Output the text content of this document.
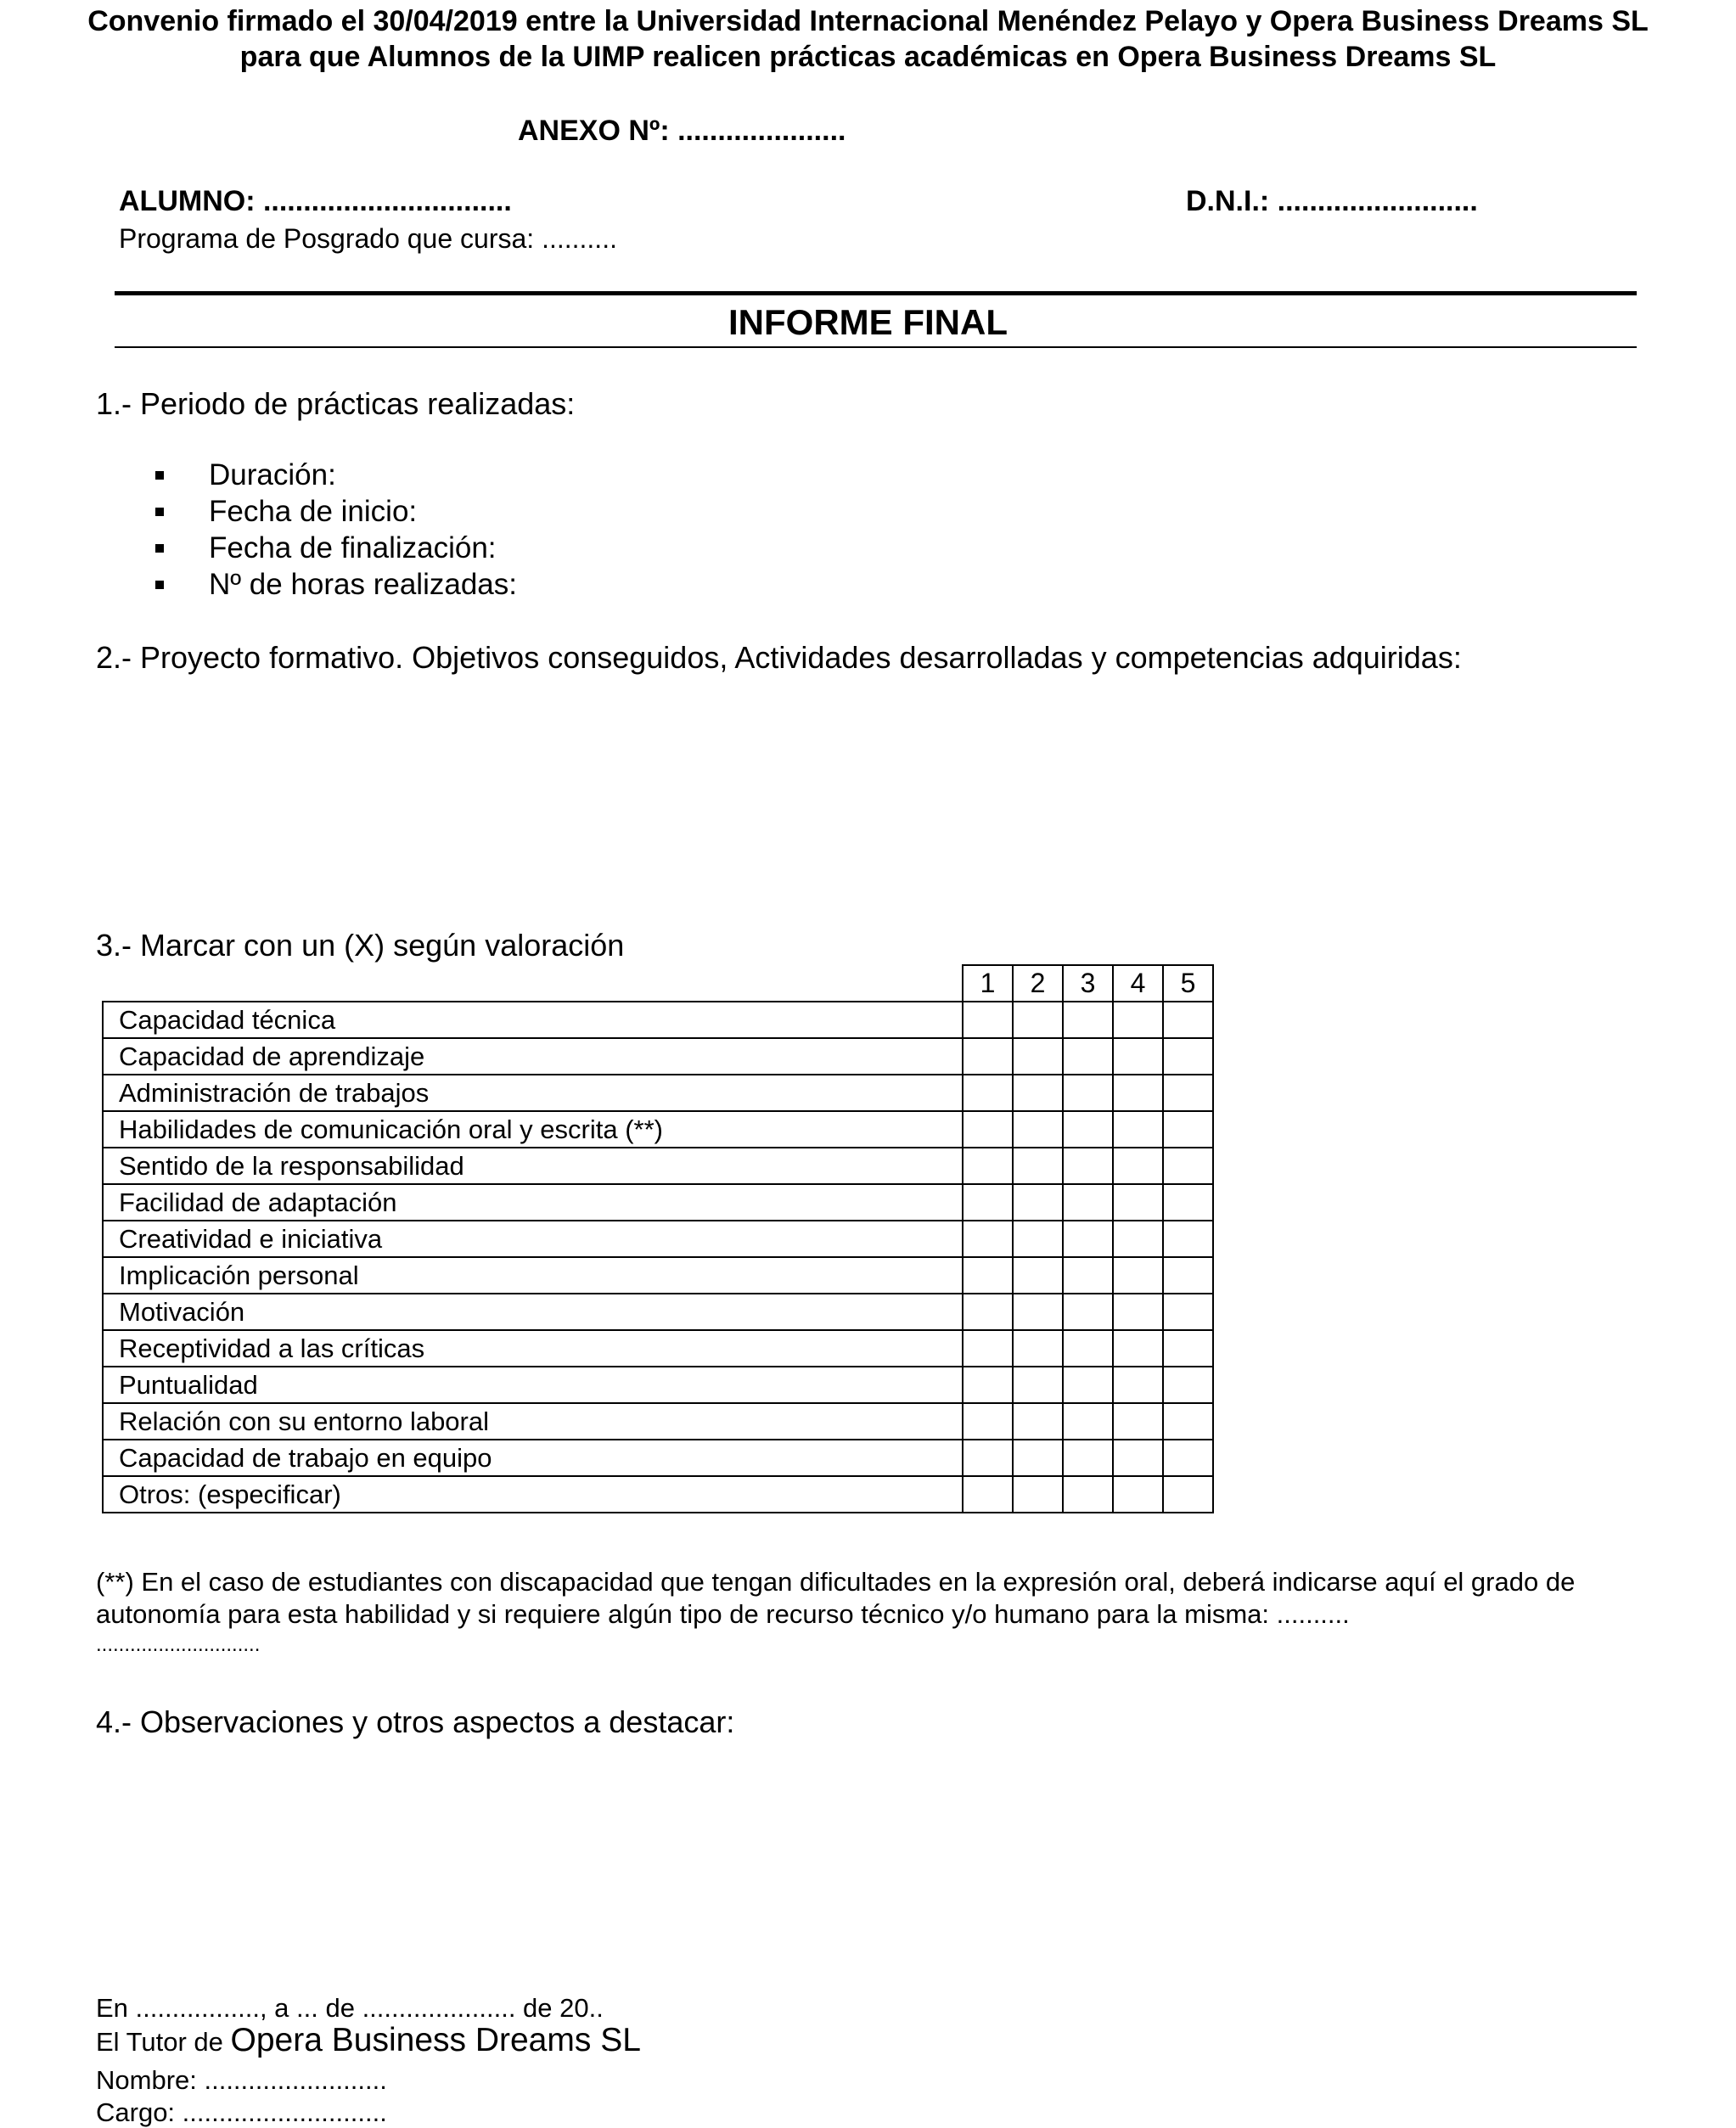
Convenio firmado el 30/04/2019 entre la Universidad Internacional Menéndez Pelayo y Opera Business Dreams SL
para que Alumnos de la UIMP realicen prácticas académicas en Opera Business Dreams SL
ANEXO Nº: .....................
ALUMNO: ...............................	D.N.I.: .........................
Programa de Posgrado que cursa: ..........
INFORME FINAL
1.- Periodo de prácticas realizadas:
Duración:
Fecha de inicio:
Fecha de finalización:
Nº de horas realizadas:
2.- Proyecto formativo. Objetivos conseguidos, Actividades desarrolladas y competencias adquiridas:
3.- Marcar con un (X) según valoración
	1	2	3	4	5
Capacidad técnica					
Capacidad de aprendizaje					
Administración de trabajos					
Habilidades de comunicación oral y escrita (**)					
Sentido de la responsabilidad					
Facilidad de adaptación					
Creatividad e iniciativa					
Implicación personal					
Motivación					
Receptividad a las críticas					
Puntualidad					
Relación con su entorno laboral					
Capacidad de trabajo en equipo					
Otros: (especificar)					
(**) En el caso de estudiantes con discapacidad que tengan dificultades en la expresión oral, deberá indicarse aquí el grado de
autonomía para esta habilidad y si requiere algún tipo de recurso técnico y/o humano para la misma: ..........
.............................
4.- Observaciones y otros aspectos a destacar:
En ................., a ... de ..................... de 20..
El Tutor de Opera Business Dreams SL
Nombre: .........................
Cargo: ............................
